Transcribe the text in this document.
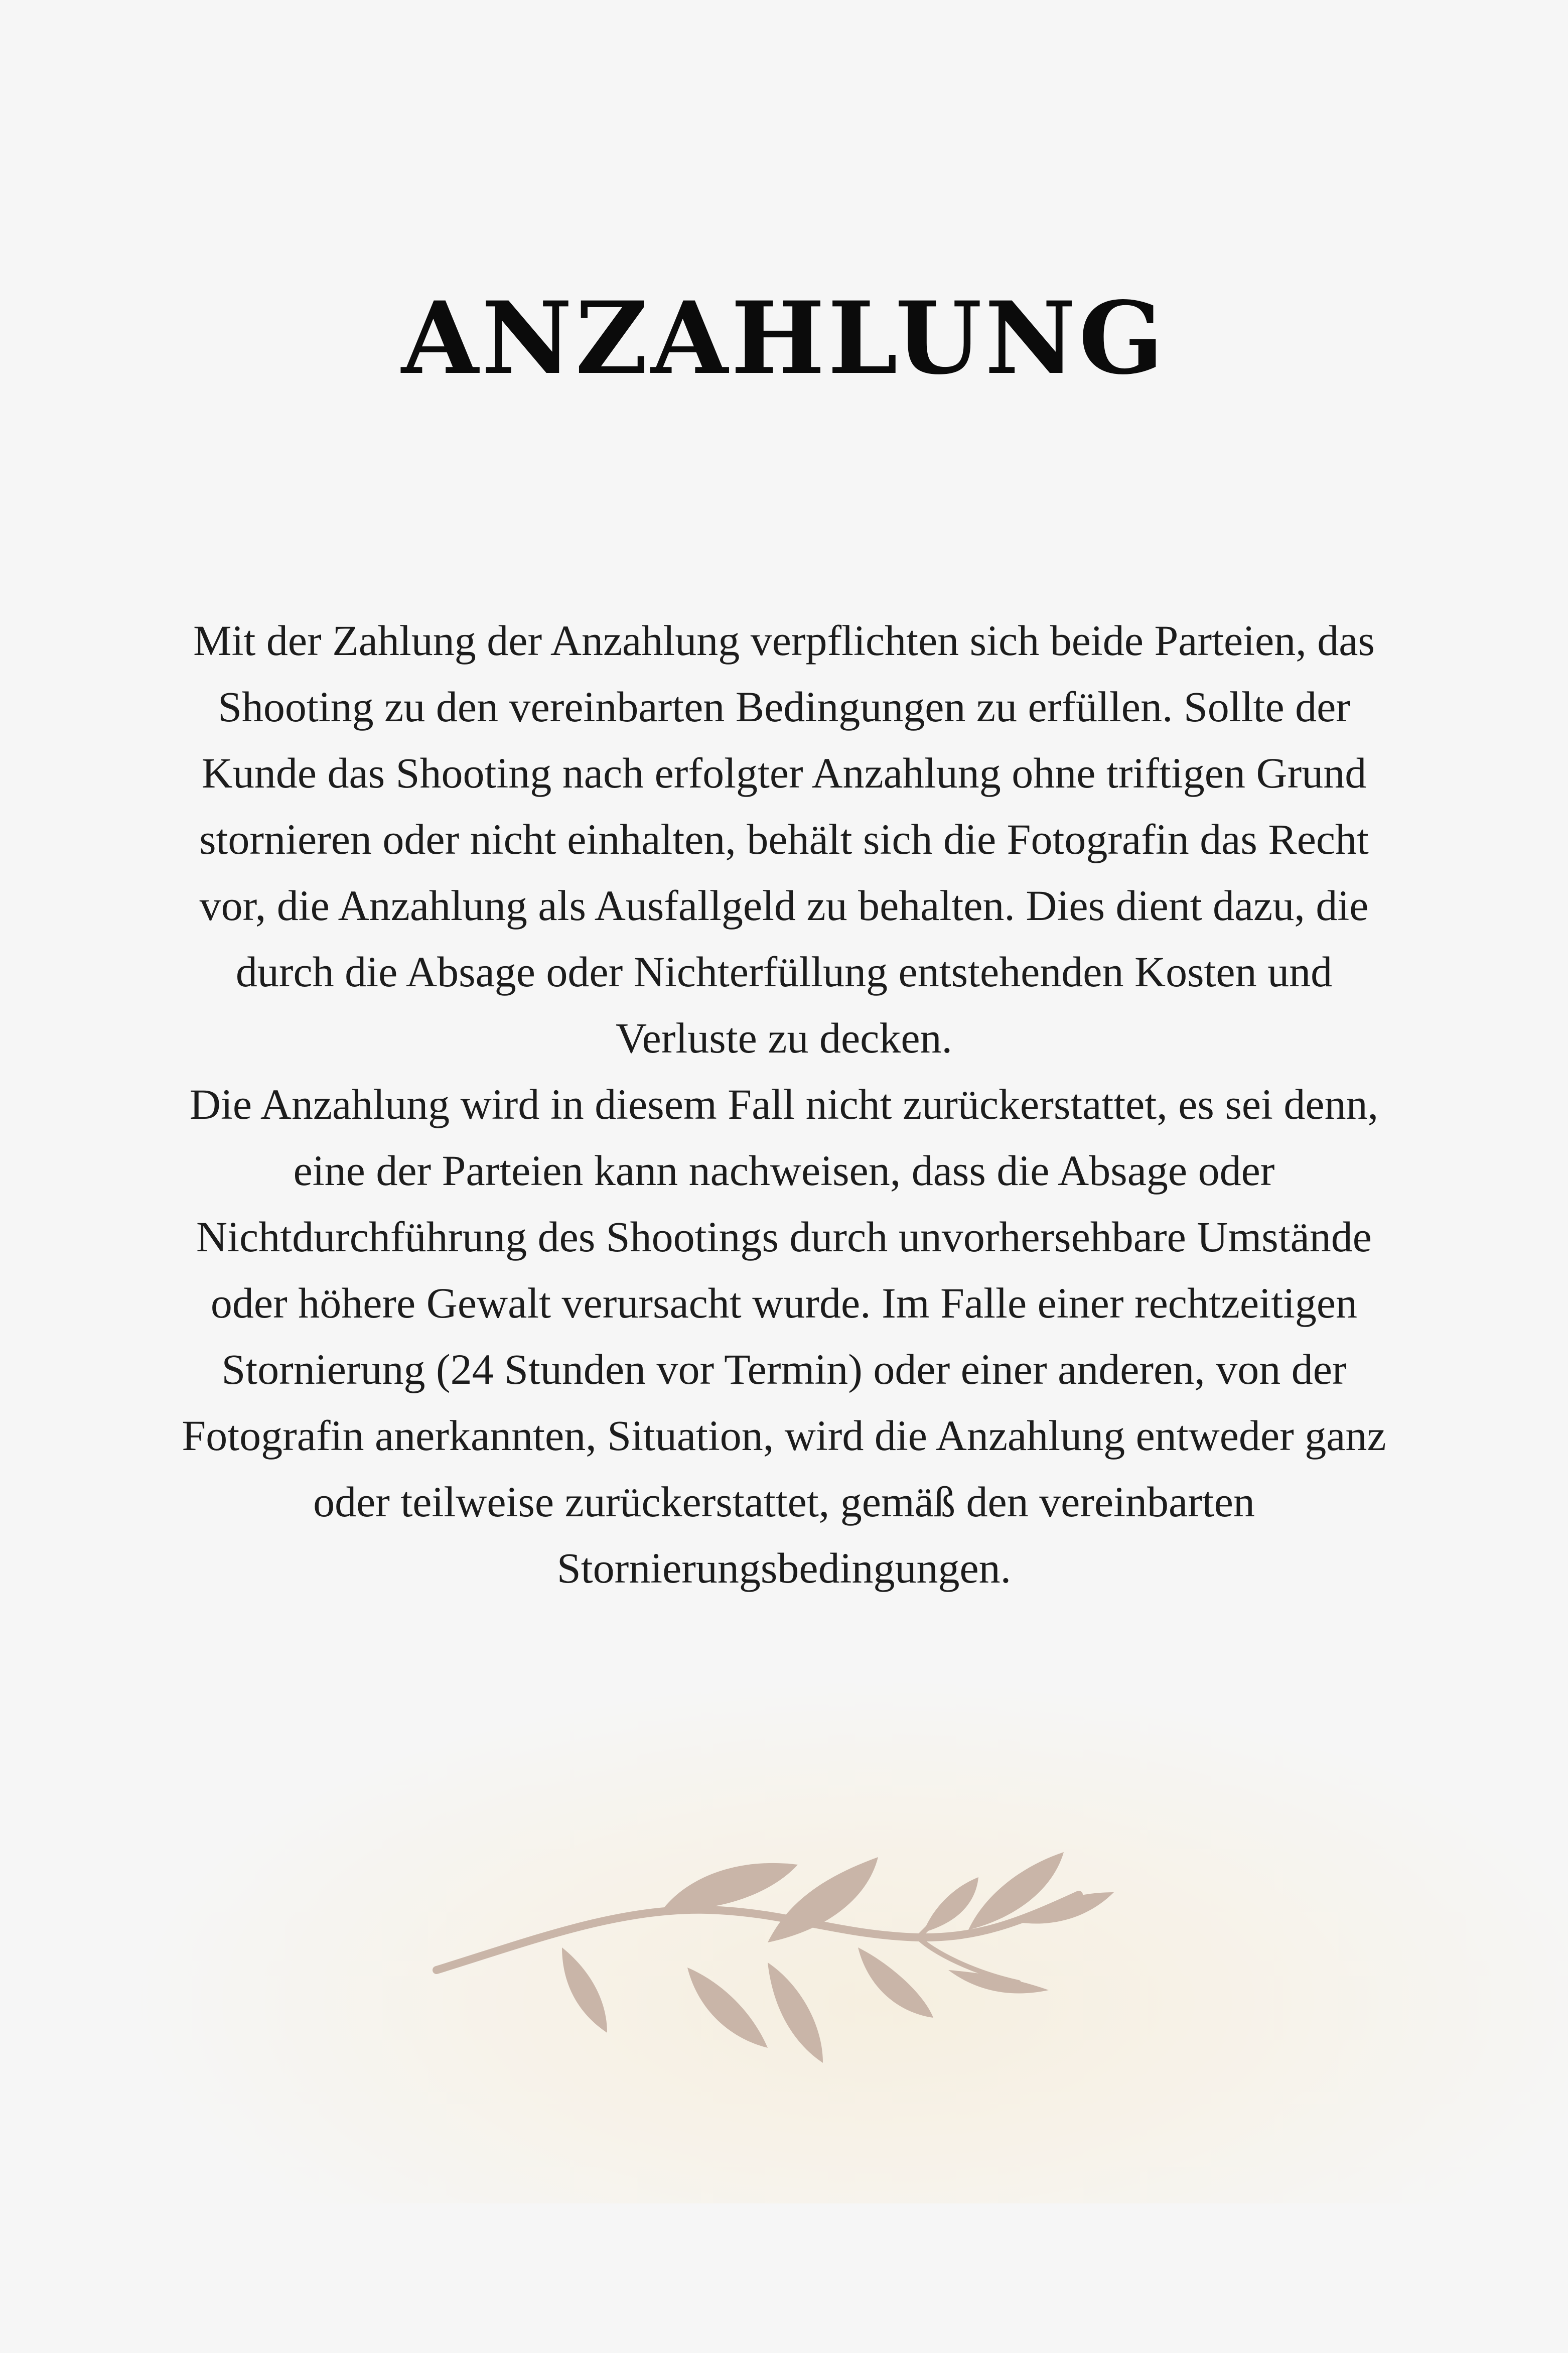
ANZAHLUNG

Mit der Zahlung der Anzahlung verpflichten sich beide Parteien, das Shooting zu den vereinbarten Bedingungen zu erfüllen. Sollte der Kunde das Shooting nach erfolgter Anzahlung ohne triftigen Grund stornieren oder nicht einhalten, behält sich die Fotografin das Recht vor, die Anzahlung als Ausfallgeld zu behalten. Dies dient dazu, die durch die Absage oder Nichterfüllung entstehenden Kosten und Verluste zu decken.

Die Anzahlung wird in diesem Fall nicht zurückerstattet, es sei denn, eine der Parteien kann nachweisen, dass die Absage oder Nichtdurchführung des Shootings durch unvorhersehbare Umstände oder höhere Gewalt verursacht wurde. Im Falle einer rechtzeitigen Stornierung (24 Stunden vor Termin) oder einer anderen, von der Fotografin anerkannten, Situation, wird die Anzahlung entweder ganz oder teilweise zurückerstattet, gemäß den vereinbarten Stornierungsbedingungen.
